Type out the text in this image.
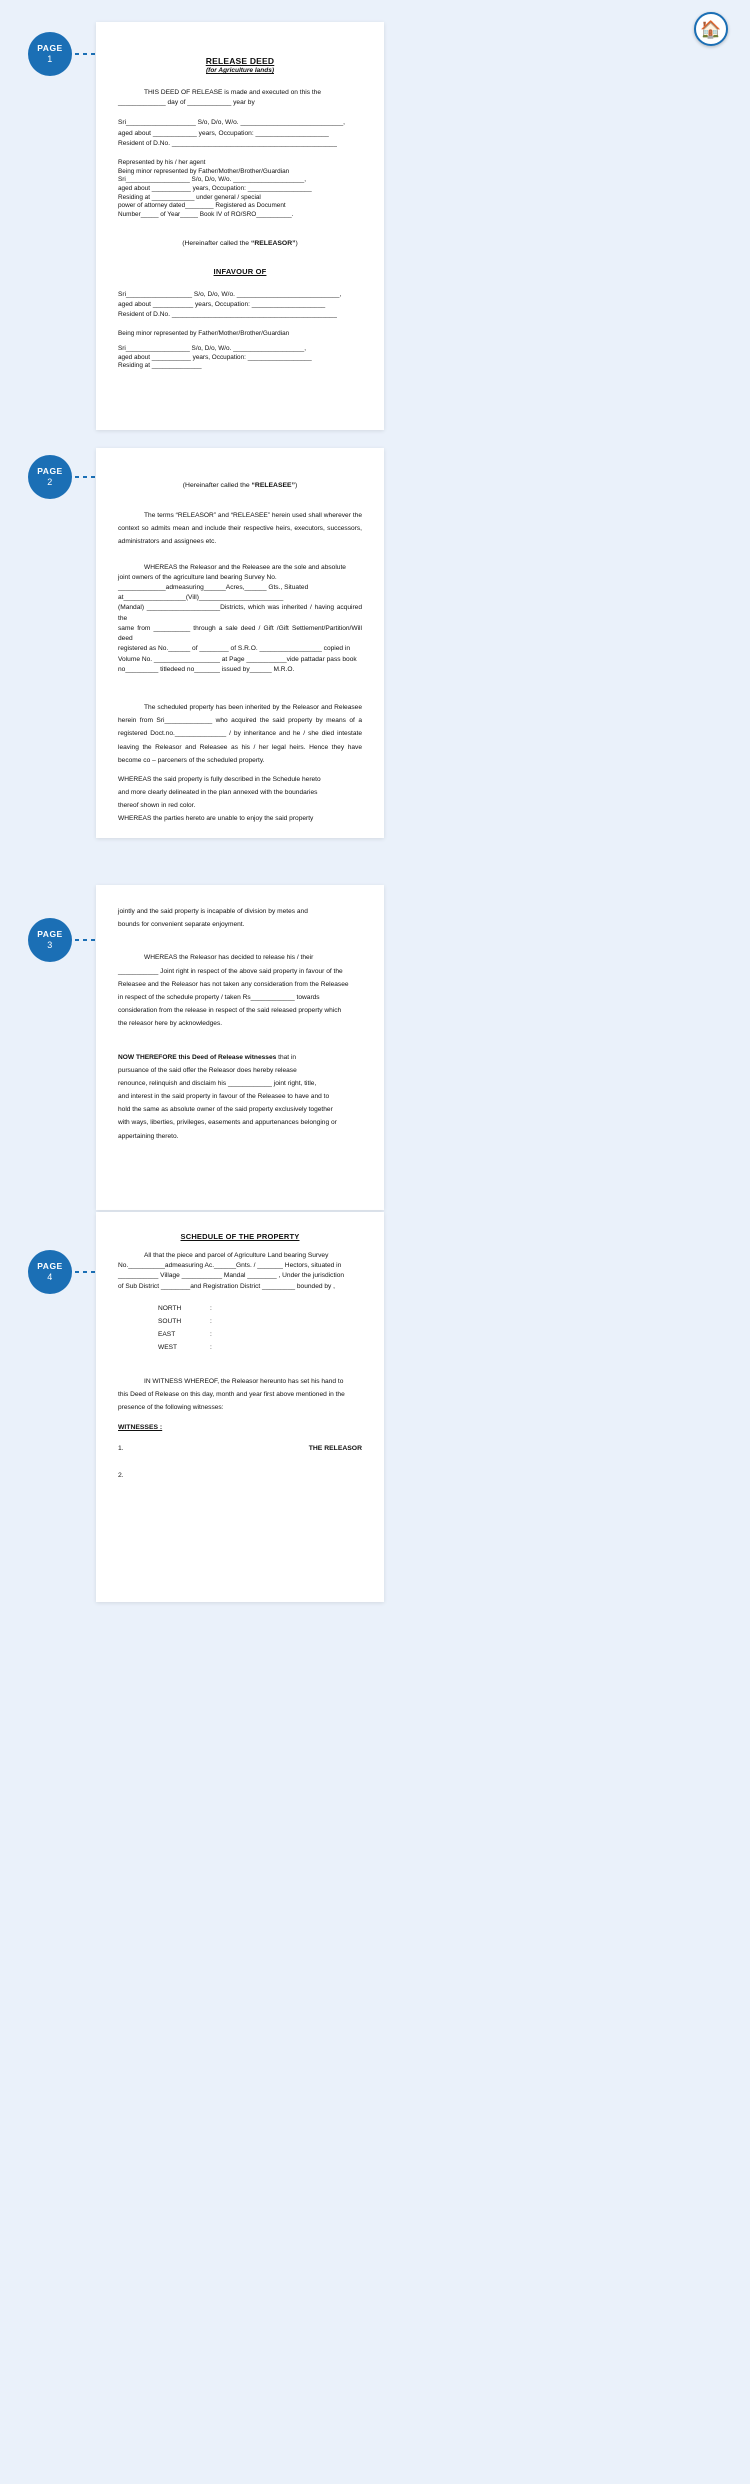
🏠
PAGE
1	RELEASE DEED
(for Agriculture lands)

THIS DEED OF RELEASE is made and executed on this the

_____________ day of ____________ year by

Sri___________________ S/o, D/o, W/o. ____________________________,

aged about ____________ years, Occupation: ____________________

Resident of D.No. _____________________________________________

Represented by his / her agent

Being minor represented by Father/Mother/Brother/Guardian

Sri__________________ S/o, D/o, W/o. ____________________,

aged about ___________ years, Occupation: __________________

Residing at ____________ under general / special

power of attorney dated________ Registered as Document

Number_____ of Year_____ Book IV of RO/SRO__________.

(Hereinafter called the “RELEASOR”)
INFAVOUR OF

Sri__________________ S/o, D/o, W/o. ____________________________,

aged about ___________ years, Occupation: ____________________

Resident of D.No. _____________________________________________

Being minor represented by Father/Mother/Brother/Guardian

Sri__________________ S/o, D/o, W/o. ____________________,

aged about ___________ years, Occupation: __________________

Residing at ______________

PAGE
2	(Hereinafter called the “RELEASEE”)

The terms “RELEASOR” and “RELEASEE” herein used shall wherever the context so admits mean and include their respective heirs, executors, successors, administrators and assignees etc.

WHEREAS the Releasor and the Releasee are the sole and absolute

joint owners of the agriculture land bearing Survey No.

_____________admeasuring______Acres,______ Gts., Situated

at_________________(Vill)_______________________

(Mandal) ____________________Districts, which was inherited / having acquired the

same from __________ through a sale deed / Gift /Gift Settlement/Partition/Will deed

registered as No.______ of ________ of S.R.O. _________________ copied in

Volume No. __________________ at Page ___________vide pattadar pass book

no_________ titledeed no_______ issued by______ M.R.O.

The scheduled property has been inherited by the Releasor and Releasee herein from Sri_____________ who acquired the said property by means of a registered Doct.no.______________ / by inheritance and he / she died intestate leaving the Releasor and Releasee as his / her legal heirs. Hence they have become co – parceners of the scheduled property.

WHEREAS the said property is fully described in the Schedule hereto

and more clearly delineated in the plan annexed with the boundaries

thereof shown in red color.

WHEREAS the parties hereto are unable to enjoy the said property

PAGE
3

jointly and the said property is incapable of division by metes and

bounds for convenient separate enjoyment.

WHEREAS the Releasor has decided to release his / their

___________ Joint right in respect of the above said property in favour of the

Releasee and the Releasor has not taken any consideration from the Releasee

in respect of the schedule property / taken Rs____________ towards

consideration from the release in respect of the said released property which

the releasor here by acknowledges.

NOW THEREFORE this Deed of Release witnesses that in

pursuance of the said offer the Releasor does hereby release

renounce, relinquish and disclaim his ____________ joint right, title,

and interest in the said property in favour of the Releasee to have and to

hold the same as absolute owner of the said property exclusively together

with ways, liberties, privileges, easements and appurtenances belonging or

appertaining thereto.

PAGE
4
SCHEDULE OF THE PROPERTY

All that the piece and parcel of Agriculture Land bearing Survey

No.__________admeasuring Ac.______Gnts. / _______ Hectors, situated in

___________ Village ___________ Mandal ________ , Under the jurisdiction

of Sub District ________and Registration District _________ bounded by ,

NORTH	:
SOUTH	:
EAST	:
WEST	:

IN WITNESS WHEREOF, the Releasor hereunto has set his hand to

this Deed of Release on this day, month and year first above mentioned in the

presence of the following witnesses:

WITNESSES :
1.	THE RELEASOR
2.
